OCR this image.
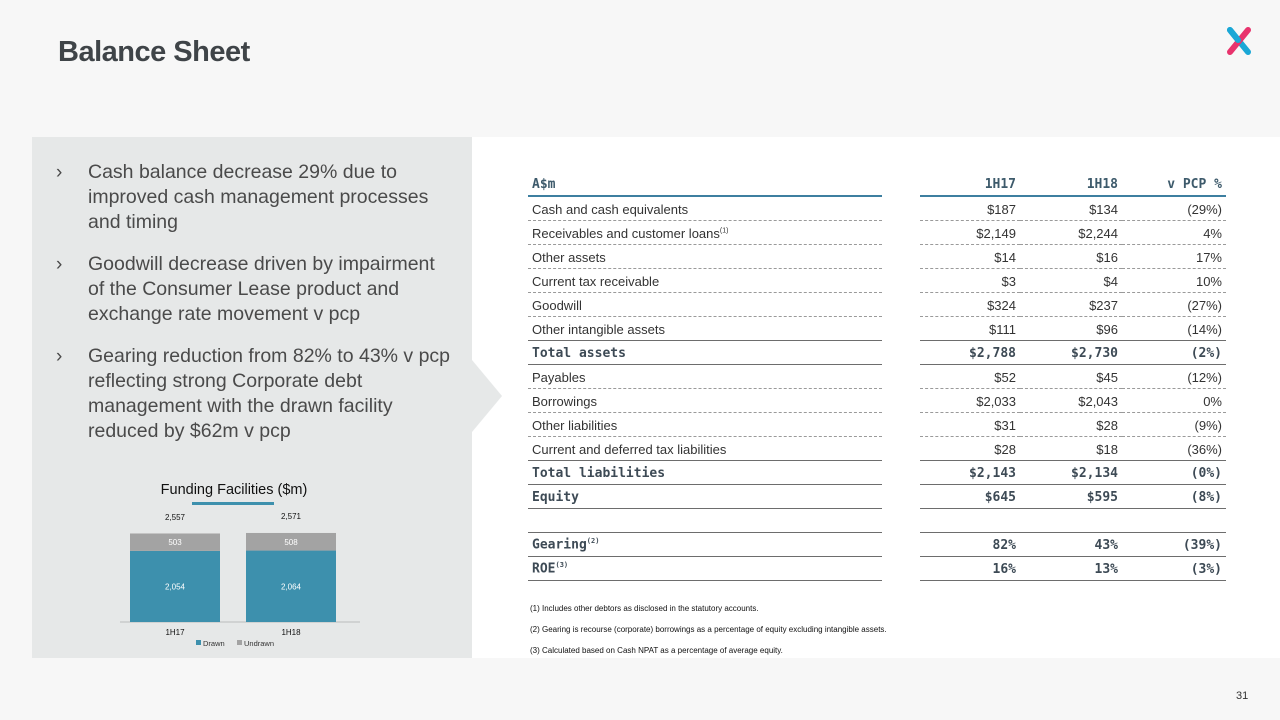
Balance Sheet
› Cash balance decrease 29% due to improved cash management processes and timing
› Goodwill decrease driven by impairment of the Consumer Lease product and exchange rate movement v pcp
› Gearing reduction from 82% to 43% v pcp reflecting strong Corporate debt management with the drawn facility reduced by $62m v pcp
Funding Facilities ($m)
2,054
503
2,557
1H17
2,064
508
2,571
1H18
Drawn	Undrawn
A$m		1H17	1H18	v PCP %
Cash and cash equivalents		$187	$134	(29%)
Receivables and customer loans$^{(1)}$		$2,149	$2,244	4%
Other assets		$14	$16	17%
Current tax receivable		$3	$4	10%
Goodwill		$324	$237	(27%)
Other intangible assets		$111	$96	(14%)
Total assets		$2,788	$2,730	(2%)
Payables		$52	$45	(12%)
Borrowings		$2,033	$2,043	0%
Other liabilities		$31	$28	(9%)
Current and deferred tax liabilities		$28	$18	(36%)
Total liabilities		$2,143	$2,134	(0%)
Equity		$645	$595	(8%)

Gearing$^{(2)}$		82%	43%	(39%)
ROE$^{(3)}$		16%	13%	(3%)
(1) Includes other debtors as disclosed in the statutory accounts.
(2) Gearing is recourse (corporate) borrowings as a percentage of equity excluding intangible assets.
(3) Calculated based on Cash NPAT as a percentage of average equity.
31
